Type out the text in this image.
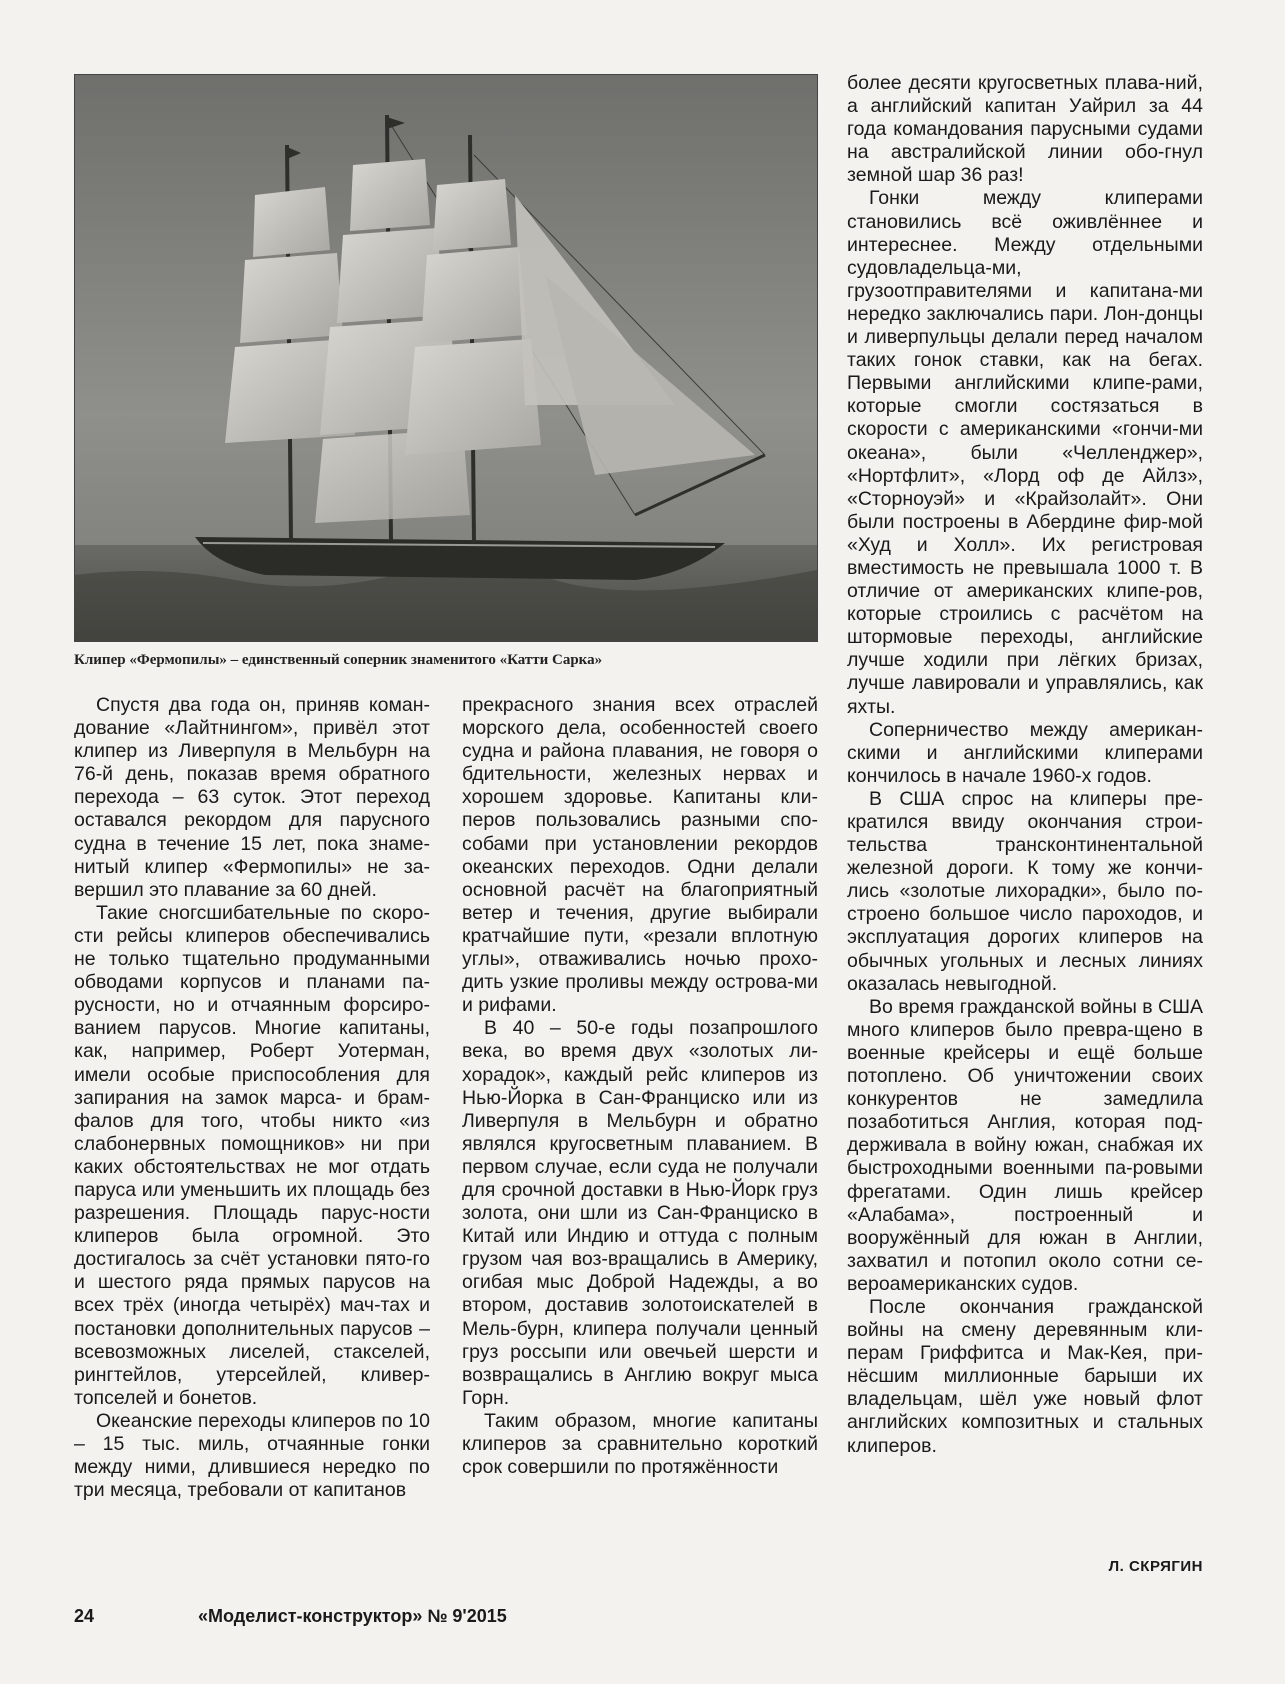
Клипер «Фермопилы» – единственный соперник знаменитого «Катти Сарка»

Спустя два года он, приняв коман-дование «Лайтнингом», привёл этот клипер из Ливерпуля в Мельбурн на 76-й день, показав время обратного перехода – 63 суток. Этот переход оставался рекордом для парусного судна в течение 15 лет, пока знаме-нитый клипер «Фермопилы» не за-вершил это плавание за 60 дней.

Такие сногсшибательные по скоро-сти рейсы клиперов обеспечивались не только тщательно продуманными обводами корпусов и планами па-русности, но и отчаянным форсиро-ванием парусов. Многие капитаны, как, например, Роберт Уотерман, имели особые приспособления для запирания на замок марса- и брам-фалов для того, чтобы никто «из слабонервных помощников» ни при каких обстоятельствах не мог отдать паруса или уменьшить их площадь без разрешения. Площадь парус-ности клиперов была огромной. Это достигалось за счёт установки пято-го и шестого ряда прямых парусов на всех трёх (иногда четырёх) мач-тах и постановки дополнительных парусов – всевозможных лиселей, стакселей, рингтейлов, утерсейлей, кливер-топселей и бонетов.

Океанские переходы клиперов по 10 – 15 тыс. миль, отчаянные гонки между ними, длившиеся нередко по три месяца, требовали от капитанов

прекрасного знания всех отраслей морского дела, особенностей своего судна и района плавания, не говоря о бдительности, железных нервах и хорошем здоровье. Капитаны кли-перов пользовались разными спо-собами при установлении рекордов океанских переходов. Одни делали основной расчёт на благоприятный ветер и течения, другие выбирали кратчайшие пути, «резали вплотную углы», отваживались ночью прохо-дить узкие проливы между острова-ми и рифами.

В 40 – 50-е годы позапрошлого века, во время двух «золотых ли-хорадок», каждый рейс клиперов из Нью-Йорка в Сан-Франциско или из Ливерпуля в Мельбурн и обратно являлся кругосветным плаванием. В первом случае, если суда не получали для срочной доставки в Нью-Йорк груз золота, они шли из Сан-Франциско в Китай или Индию и оттуда с полным грузом чая воз-вращались в Америку, огибая мыс Доброй Надежды, а во втором, доставив золотоискателей в Мель-бурн, клипера получали ценный груз россыпи или овечьей шерсти и возвращались в Англию вокруг мыса Горн.

Таким образом, многие капитаны клиперов за сравнительно короткий срок совершили по протяжённости

более десяти кругосветных плава-ний, а английский капитан Уайрил за 44 года командования парусными судами на австралийской линии обо-гнул земной шар 36 раз!

Гонки между клиперами становились всё оживлённее и интереснее. Между отдельными судовладельца-ми, грузоотправителями и капитана-ми нередко заключались пари. Лон-донцы и ливерпульцы делали перед началом таких гонок ставки, как на бегах. Первыми английскими клипе-рами, которые смогли состязаться в скорости с американскими «гончи-ми океана», были «Челленджер», «Нортфлит», «Лорд оф де Айлз», «Сторноуэй» и «Крайзолайт». Они были построены в Абердине фир-мой «Худ и Холл». Их регистровая вместимость не превышала 1000 т. В отличие от американских клипе-ров, которые строились с расчётом на штормовые переходы, английские лучше ходили при лёгких бризах, лучше лавировали и управлялись, как яхты.

Соперничество между американ-скими и английскими клиперами кончилось в начале 1960-х годов.

В США спрос на клиперы пре-кратился ввиду окончания строи-тельства трансконтинентальной железной дороги. К тому же кончи-лись «золотые лихорадки», было по-строено большое число пароходов, и эксплуатация дорогих клиперов на обычных угольных и лесных линиях оказалась невыгодной.

Во время гражданской войны в США много клиперов было превра-щено в военные крейсеры и ещё больше потоплено. Об уничтожении своих конкурентов не замедлила позаботиться Англия, которая под-держивала в войну южан, снабжая их быстроходными военными па-ровыми фрегатами. Один лишь крейсер «Алабама», построенный и вооружённый для южан в Англии, захватил и потопил около сотни се-вероамериканских судов.

После окончания гражданской войны на смену деревянным кли-перам Гриффитса и Мак-Кея, при-нёсшим миллионные барыши их владельцам, шёл уже новый флот английских композитных и стальных клиперов.

Л. СКРЯГИН
24	«Моделист-конструктор» № 9'2015
